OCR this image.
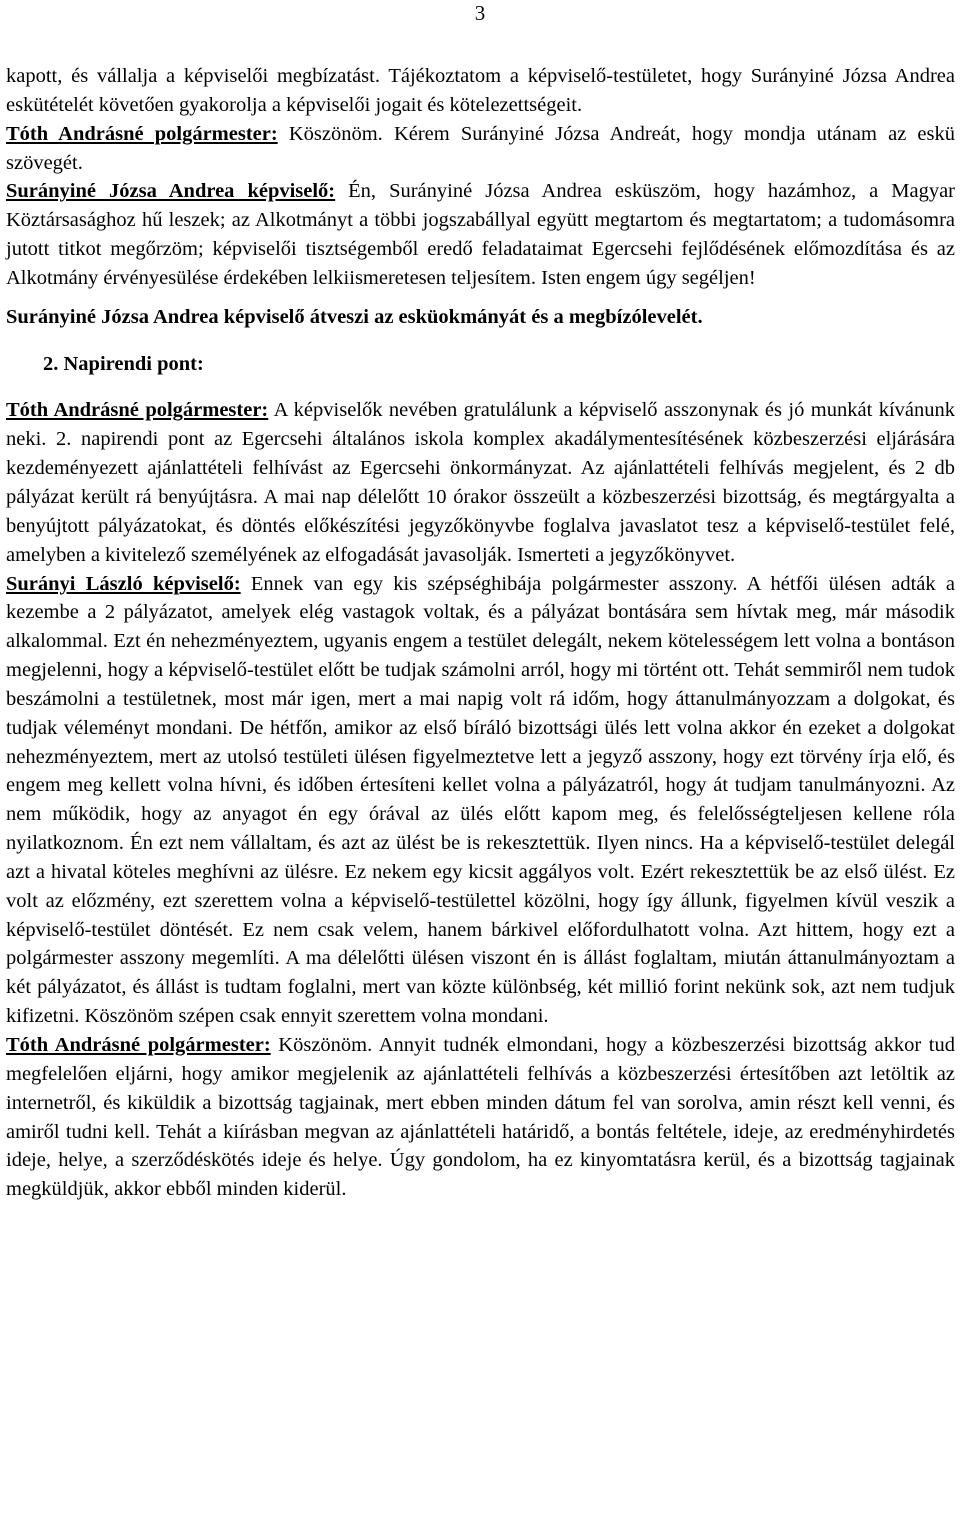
3

kapott, és vállalja a képviselői megbízatást. Tájékoztatom a képviselő-testületet, hogy Surányiné Józsa Andrea eskütételét követően gyakorolja a képviselői jogait és kötelezettségeit.

Tóth Andrásné polgármester: Köszönöm. Kérem Surányiné Józsa Andreát, hogy mondja utánam az eskü szövegét.

Surányiné Józsa Andrea képviselő: Én, Surányiné Józsa Andrea esküszöm, hogy hazámhoz, a Magyar Köztársasághoz hű leszek; az Alkotmányt a többi jogszabállyal együtt megtartom és megtartatom; a tudomásomra jutott titkot megőrzöm; képviselői tisztségemből eredő feladataimat Egercsehi fejlődésének előmozdítása és az Alkotmány érvényesülése érdekében lelkiismeretesen teljesítem. Isten engem úgy segéljen!

Surányiné Józsa Andrea képviselő átveszi az esküokmányát és a megbízólevelét.

2. Napirendi pont:

Tóth Andrásné polgármester: A képviselők nevében gratulálunk a képviselő asszonynak és jó munkát kívánunk neki. 2. napirendi pont az Egercsehi általános iskola komplex akadálymentesítésének közbeszerzési eljárására kezdeményezett ajánlattételi felhívást az Egercsehi önkormányzat. Az ajánlattételi felhívás megjelent, és 2 db pályázat került rá benyújtásra. A mai nap délelőtt 10 órakor összeült a közbeszerzési bizottság, és megtárgyalta a benyújtott pályázatokat, és döntés előkészítési jegyzőkönyvbe foglalva javaslatot tesz a képviselő-testület felé, amelyben a kivitelező személyének az elfogadását javasolják. Ismerteti a jegyzőkönyvet.

Surányi László képviselő: Ennek van egy kis szépséghibája polgármester asszony. A hétfői ülésen adták a kezembe a 2 pályázatot, amelyek elég vastagok voltak, és a pályázat bontására sem hívtak meg, már második alkalommal. Ezt én nehezményeztem, ugyanis engem a testület delegált, nekem kötelességem lett volna a bontáson megjelenni, hogy a képviselő-testület előtt be tudjak számolni arról, hogy mi történt ott. Tehát semmiről nem tudok beszámolni a testületnek, most már igen, mert a mai napig volt rá időm, hogy áttanulmányozzam a dolgokat, és tudjak véleményt mondani. De hétfőn, amikor az első bíráló bizottsági ülés lett volna akkor én ezeket a dolgokat nehezményeztem, mert az utolsó testületi ülésen figyelmeztetve lett a jegyző asszony, hogy ezt törvény írja elő, és engem meg kellett volna hívni, és időben értesíteni kellet volna a pályázatról, hogy át tudjam tanulmányozni. Az nem működik, hogy az anyagot én egy órával az ülés előtt kapom meg, és felelősségteljesen kellene róla nyilatkoznom. Én ezt nem vállaltam, és azt az ülést be is rekesztettük. Ilyen nincs. Ha a képviselő-testület delegál azt a hivatal köteles meghívni az ülésre. Ez nekem egy kicsit aggályos volt. Ezért rekesztettük be az első ülést. Ez volt az előzmény, ezt szerettem volna a képviselő-testülettel közölni, hogy így állunk, figyelmen kívül veszik a képviselő-testület döntését. Ez nem csak velem, hanem bárkivel előfordulhatott volna. Azt hittem, hogy ezt a polgármester asszony megemlíti. A ma délelőtti ülésen viszont én is állást foglaltam, miután áttanulmányoztam a két pályázatot, és állást is tudtam foglalni, mert van közte különbség, két millió forint nekünk sok, azt nem tudjuk kifizetni. Köszönöm szépen csak ennyit szerettem volna mondani.

Tóth Andrásné polgármester: Köszönöm. Annyit tudnék elmondani, hogy a közbeszerzési bizottság akkor tud megfelelően eljárni, hogy amikor megjelenik az ajánlattételi felhívás a közbeszerzési értesítőben azt letöltik az internetről, és kiküldik a bizottság tagjainak, mert ebben minden dátum fel van sorolva, amin részt kell venni, és amiről tudni kell. Tehát a kiírásban megvan az ajánlattételi határidő, a bontás feltétele, ideje, az eredményhirdetés ideje, helye, a szerződéskötés ideje és helye. Úgy gondolom, ha ez kinyomtatásra kerül, és a bizottság tagjainak megküldjük, akkor ebből minden kiderül.
